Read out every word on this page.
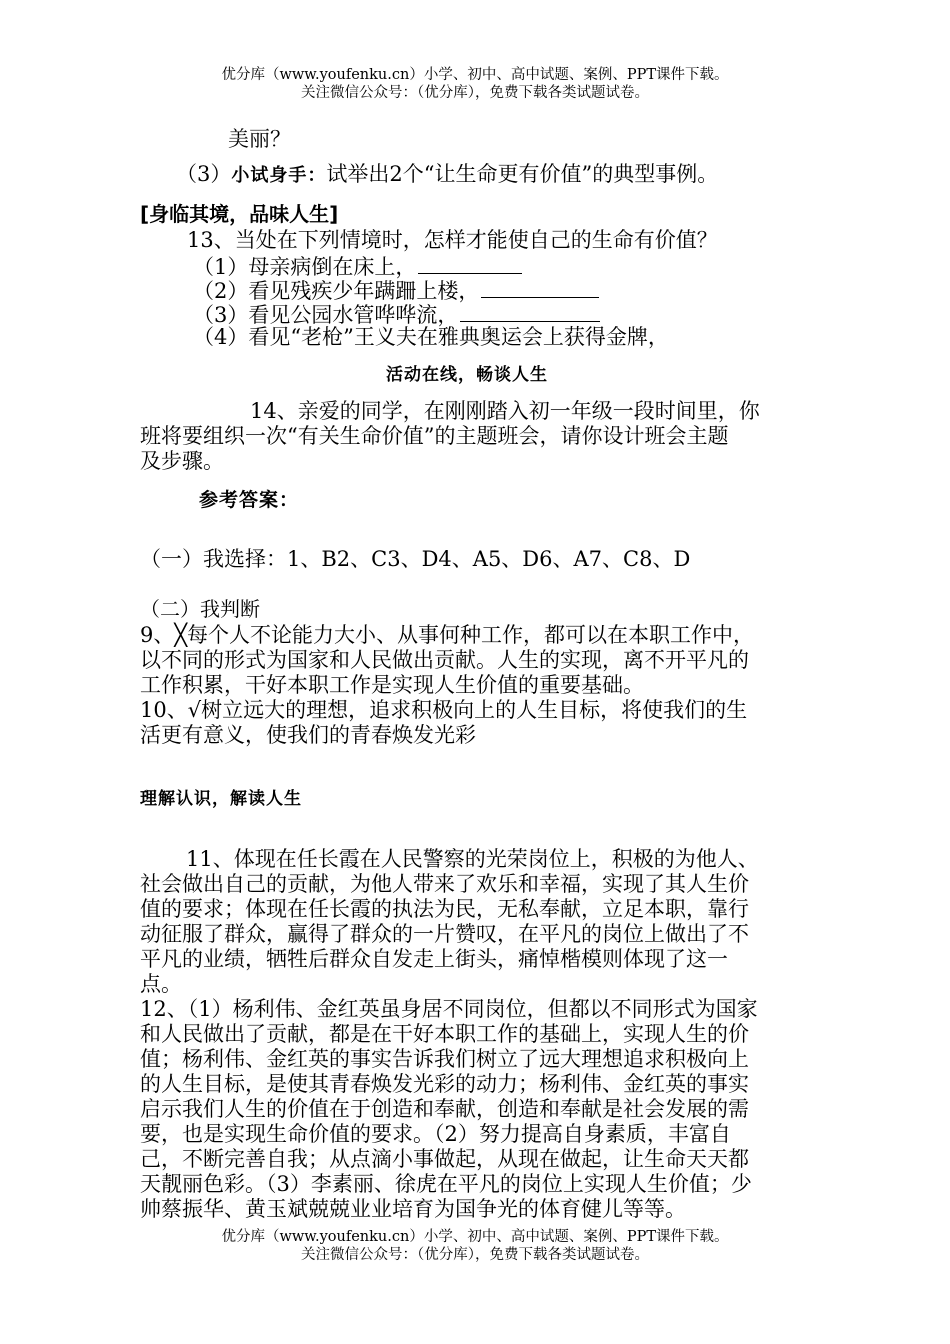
优分库（www.youfenku.cn）小学、初中、高中试题、案例、PPT课件下载。
关注微信公众号：（优分库），免费下载各类试题试卷。
美丽？
（3）小试身手：试举出2个“让生命更有价值”的典型事例。
[身临其境，品味人生]
13、当处在下列情境时，怎样才能使自己的生命有价值？
（1）母亲病倒在床上，
（2）看见残疾少年蹒跚上楼，
（3）看见公园水管哗哗流，
（4）看见“老枪”王义夫在雅典奥运会上获得金牌，
活动在线，畅谈人生
14、亲爱的同学，在刚刚踏入初一年级一段时间里，你
班将要组织一次“有关生命价值”的主题班会，请你设计班会主题
及步骤。
参考答案：
（一）我选择：1、B2、C3、D4、A5、D6、A7、C8、D
（二）我判断
9、╳每个人不论能力大小、从事何种工作，都可以在本职工作中，
以不同的形式为国家和人民做出贡献。人生的实现，离不开平凡的
工作积累，干好本职工作是实现人生价值的重要基础。
10、√树立远大的理想，追求积极向上的人生目标，将使我们的生
活更有意义，使我们的青春焕发光彩
理解认识，解读人生
11、体现在任长霞在人民警察的光荣岗位上，积极的为他人、
社会做出自己的贡献，为他人带来了欢乐和幸福，实现了其人生价
值的要求；体现在任长霞的执法为民，无私奉献，立足本职，靠行
动征服了群众，赢得了群众的一片赞叹，在平凡的岗位上做出了不
平凡的业绩，牺牲后群众自发走上街头，痛悼楷模则体现了这一
点。
12、（1）杨利伟、金红英虽身居不同岗位，但都以不同形式为国家
和人民做出了贡献，都是在干好本职工作的基础上，实现人生的价
值；杨利伟、金红英的事实告诉我们树立了远大理想追求积极向上
的人生目标，是使其青春焕发光彩的动力；杨利伟、金红英的事实
启示我们人生的价值在于创造和奉献，创造和奉献是社会发展的需
要，也是实现生命价值的要求。（2）努力提高自身素质，丰富自
己，不断完善自我；从点滴小事做起，从现在做起，让生命天天都
天靓丽色彩。（3）李素丽、徐虎在平凡的岗位上实现人生价值；少
帅蔡振华、黄玉斌兢兢业业培育为国争光的体育健儿等等。
优分库（www.youfenku.cn）小学、初中、高中试题、案例、PPT课件下载。
关注微信公众号：（优分库），免费下载各类试题试卷。
